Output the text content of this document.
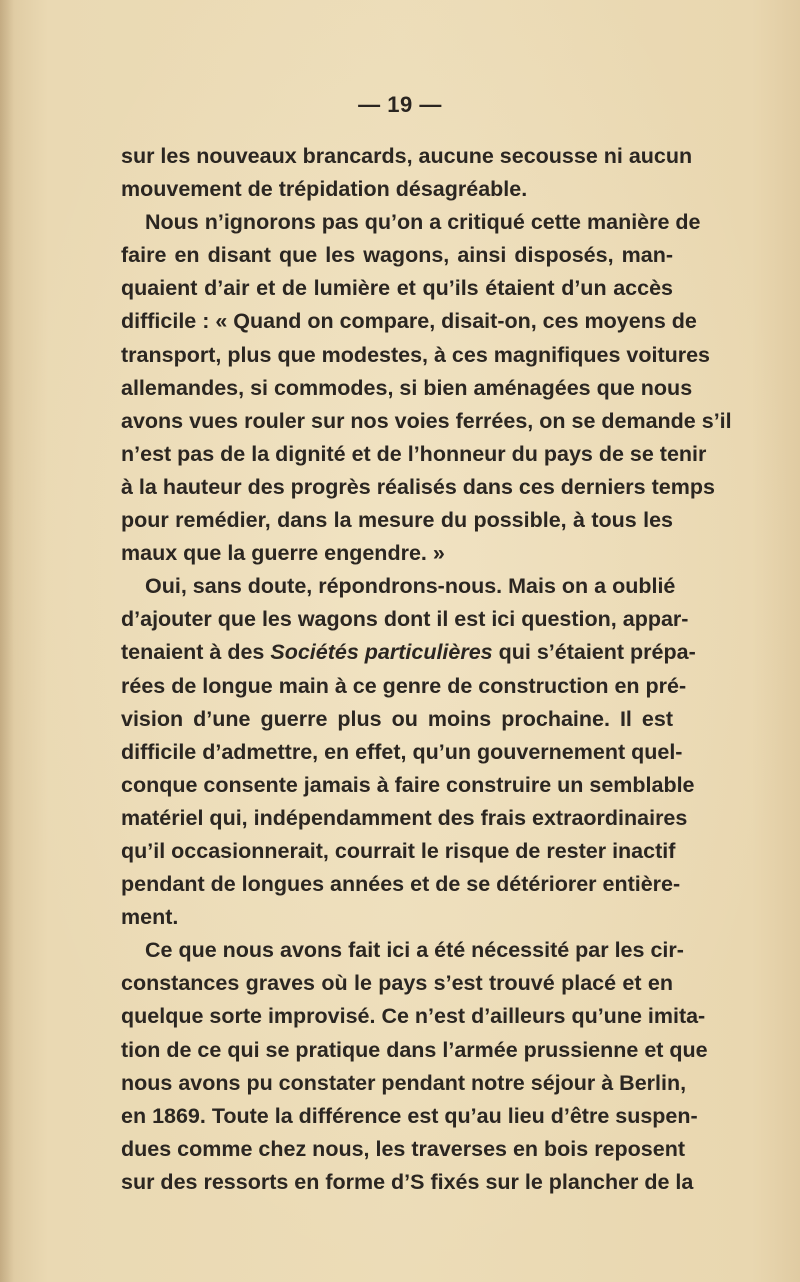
— 19 —
sur les nouveaux brancards, aucune secousse ni aucun
mouvement de trépidation désagréable.
Nous n’ignorons pas qu’on a critiqué cette manière de
faire en disant que les wagons, ainsi disposés, man-
quaient d’air et de lumière et qu’ils étaient d’un accès
difficile : « Quand on compare, disait-on, ces moyens de
transport, plus que modestes, à ces magnifiques voitures
allemandes, si commodes, si bien aménagées que nous
avons vues rouler sur nos voies ferrées, on se demande s’il
n’est pas de la dignité et de l’honneur du pays de se tenir
à la hauteur des progrès réalisés dans ces derniers temps
pour remédier, dans la mesure du possible, à tous les
maux que la guerre engendre. »
Oui, sans doute, répondrons-nous. Mais on a oublié
d’ajouter que les wagons dont il est ici question, appar-
tenaient à des Sociétés particulières qui s’étaient prépa-
rées de longue main à ce genre de construction en pré-
vision d’une guerre plus ou moins prochaine. Il est
difficile d’admettre, en effet, qu’un gouvernement quel-
conque consente jamais à faire construire un semblable
matériel qui, indépendamment des frais extraordinaires
qu’il occasionnerait, courrait le risque de rester inactif
pendant de longues années et de se détériorer entière-
ment.
Ce que nous avons fait ici a été nécessité par les cir-
constances graves où le pays s’est trouvé placé et en
quelque sorte improvisé. Ce n’est d’ailleurs qu’une imita-
tion de ce qui se pratique dans l’armée prussienne et que
nous avons pu constater pendant notre séjour à Berlin,
en 1869. Toute la différence est qu’au lieu d’être suspen-
dues comme chez nous, les traverses en bois reposent
sur des ressorts en forme d’S fixés sur le plancher de la
